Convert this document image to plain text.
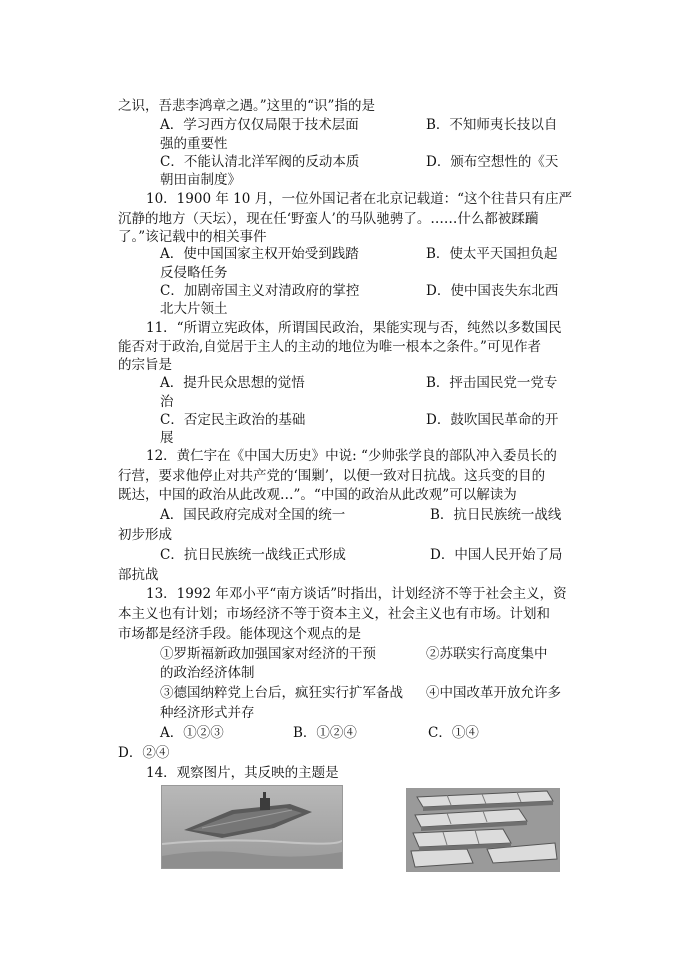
之识，吾悲李鸿章之遇。”这里的“识”指的是
A．学习西方仅仅局限于技术层面	B．不知师夷长技以自
强的重要性
C．不能认清北洋军阀的反动本质	D．颁布空想性的《天
朝田亩制度》
10．1900 年 10 月，一位外国记者在北京记载道：“这个往昔只有庄严
沉静的地方（天坛），现在任‘野蛮人’的马队驰骋了。……什么都被蹂躏
了。”该记载中的相关事件
A．使中国国家主权开始受到践踏	B．使太平天国担负起
反侵略任务
C．加剧帝国主义对清政府的掌控	D．使中国丧失东北西
北大片领土
11．“所谓立宪政体，所谓国民政治，果能实现与否，纯然以多数国民
能否对于政治,自觉居于主人的主动的地位为唯一根本之条件。”可见作者
的宗旨是
A．提升民众思想的觉悟	B．抨击国民党一党专
治
C．否定民主政治的基础	D．鼓吹国民革命的开
展
12．黄仁宇在《中国大历史》中说: “少帅张学良的部队冲入委员长的
行营，要求他停止对共产党的‘围剿’，以便一致对日抗战。这兵变的目的
既达，中国的政治从此改观…”。“中国的政治从此改观”可以解读为
A．国民政府完成对全国的统一	B．抗日民族统一战线
初步形成
C．抗日民族统一战线正式形成	D．中国人民开始了局
部抗战
13．1992 年邓小平“南方谈话”时指出，计划经济不等于社会主义，资
本主义也有计划；市场经济不等于资本主义，社会主义也有市场。计划和
市场都是经济手段。能体现这个观点的是
①罗斯福新政加强国家对经济的干预	②苏联实行高度集中
的政治经济体制
③德国纳粹党上台后，疯狂实行扩军备战 ④中国改革开放允许多
种经济形式并存
A．①②③	B．①②④	C．①④
D．②④
14．观察图片，其反映的主题是
